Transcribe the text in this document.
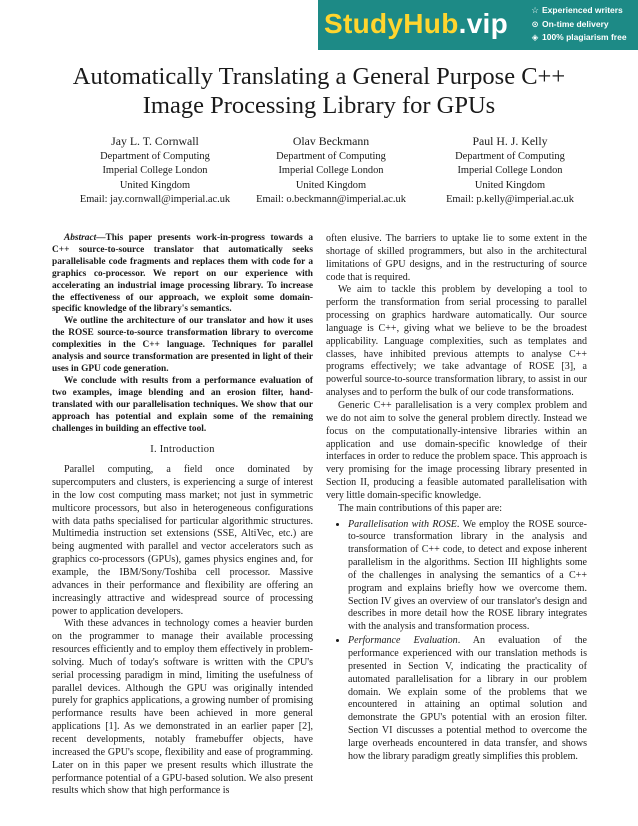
StudyHub.vip	☆ Experienced writers
⊙ On-time delivery
◈ 100% plagiarism free
Automatically Translating a General Purpose C++
Image Processing Library for GPUs
Jay L. T. Cornwall
Department of Computing
Imperial College London
United Kingdom
Email: jay.cornwall@imperial.ac.uk
Olav Beckmann
Department of Computing
Imperial College London
United Kingdom
Email: o.beckmann@imperial.ac.uk
Paul H. J. Kelly
Department of Computing
Imperial College London
United Kingdom
Email: p.kelly@imperial.ac.uk

Abstract—This paper presents work-in-progress towards a C++ source-to-source translator that automatically seeks parallelisable code fragments and replaces them with code for a graphics co-processor. We report on our experience with accelerating an industrial image processing library. To increase the effectiveness of our approach, we exploit some domain-specific knowledge of the library's semantics.

We outline the architecture of our translator and how it uses the ROSE source-to-source transformation library to overcome complexities in the C++ language. Techniques for parallel analysis and source transformation are presented in light of their uses in GPU code generation.

We conclude with results from a performance evaluation of two examples, image blending and an erosion filter, hand-translated with our parallelisation techniques. We show that our approach has potential and explain some of the remaining challenges in building an effective tool.

I. Introduction

Parallel computing, a field once dominated by supercomputers and clusters, is experiencing a surge of interest in the low cost computing mass market; not just in symmetric multicore processors, but also in heterogeneous configurations with data paths specialised for particular algorithmic structures. Multimedia instruction set extensions (SSE, AltiVec, etc.) are being augmented with parallel and vector accelerators such as graphics co-processors (GPUs), games physics engines and, for example, the IBM/Sony/Toshiba cell processor. Massive advances in their performance and flexibility are offering an increasingly attractive and widespread source of processing power to application developers.

With these advances in technology comes a heavier burden on the programmer to manage their available processing resources efficiently and to employ them effectively in problem-solving. Much of today's software is written with the CPU's serial processing paradigm in mind, limiting the usefulness of parallel devices. Although the GPU was originally intended purely for graphics applications, a growing number of promising performance results have been achieved in more general applications [1]. As we demonstrated in an earlier paper [2], recent developments, notably framebuffer objects, have increased the GPU's scope, flexibility and ease of programming. Later on in this paper we present results which illustrate the performance potential of a GPU-based solution. We also present results which show that high performance is

often elusive. The barriers to uptake lie to some extent in the shortage of skilled programmers, but also in the architectural limitations of GPU designs, and in the restructuring of source code that is required.

We aim to tackle this problem by developing a tool to perform the transformation from serial processing to parallel processing on graphics hardware automatically. Our source language is C++, giving what we believe to be the broadest applicability. Language complexities, such as templates and classes, have inhibited previous attempts to analyse C++ programs effectively; we take advantage of ROSE [3], a powerful source-to-source transformation library, to assist in our analyses and to perform the bulk of our code transformations.

Generic C++ parallelisation is a very complex problem and we do not aim to solve the general problem directly. Instead we focus on the computationally-intensive libraries within an application and use domain-specific knowledge of their interfaces in order to reduce the problem space. This approach is very promising for the image processing library presented in Section II, producing a feasible automated parallelisation with very little domain-specific knowledge.

The main contributions of this paper are:

• Parallelisation with ROSE. We employ the ROSE source-to-source transformation library in the analysis and transformation of C++ code, to detect and expose inherent parallelism in the algorithms. Section III highlights some of the challenges in analysing the semantics of a C++ program and explains briefly how we overcome them. Section IV gives an overview of our translator's design and describes in more detail how the ROSE library integrates with the analysis and transformation process.
• Performance Evaluation. An evaluation of the performance experienced with our translation methods is presented in Section V, indicating the practicality of automated parallelisation for a library in our problem domain. We explain some of the problems that we encountered in attaining an optimal solution and demonstrate the GPU's potential with an erosion filter. Section VI discusses a potential method to overcome the large overheads encountered in data transfer, and shows how the library paradigm greatly simplifies this problem.
